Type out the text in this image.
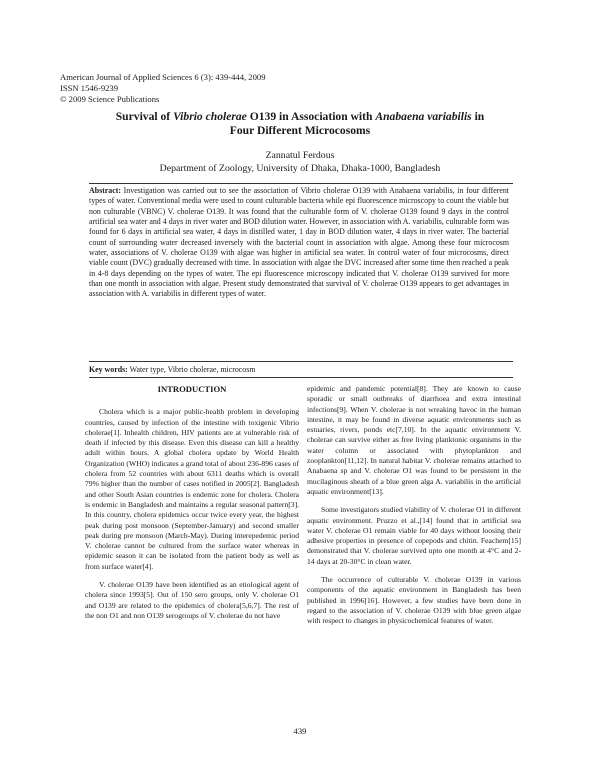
American Journal of Applied Sciences 6 (3): 439-444, 2009
ISSN 1546-9239
© 2009 Science Publications
Survival of Vibrio cholerae O139 in Association with Anabaena variabilis in
Four Different Microcosoms
Zannatul Ferdous
Department of Zoology, University of Dhaka, Dhaka-1000, Bangladesh
Abstract: Investigation was carried out to see the association of Vibrio cholerae O139 with Anabaena variabilis, in four different types of water. Conventional media were used to count culturable bacteria while epi fluorescence microscopy to count the viable but non culturable (VBNC) V. cholerae O139. It was found that the culturable form of V. cholerae O139 found 9 days in the control artificial sea water and 4 days in river water and BOD dilution water. However, in association with A. variabilis, culturable form was found for 6 days in artificial sea water, 4 days in distilled water, 1 day in BOD dilution water, 4 days in river water. The bacterial count of surrounding water decreased inversely with the bacterial count in association with algae. Among these four microcosm water, associations of V. cholerae O139 with algae was higher in artificial sea water. In control water of four microcosms, direct viable count (DVC) gradually decreased with time. In association with algae the DVC increased after some time then reached a peak in 4-8 days depending on the types of water. The epi fluorescence microscopy indicated that V. cholerae O139 survived for more than one month in association with algae. Present study demonstrated that survival of V. cholerae O139 appears to get advantages in association with A. variabilis in different types of water.
Key words: Water type, Vibrio cholerae, microcosm
INTRODUCTION

Cholera which is a major public-health problem in developing countries, caused by infection of the intestine with toxigenic Vibrio cholerae[1]. Inhealth children, HIV patients are at vulnerable risk of death if infected by this disease. Even this disease can kill a healthy adult within hours. A global cholera update by World Health Organization (WHO) indicates a grand total of about 236-896 cases of cholera from 52 countries with about 6311 deaths which is overall 79% higher than the number of cases notified in 2005[2]. Bangladesh and other South Asian countries is endemic zone for cholera. Cholera is endemic in Bangladesh and maintains a regular seasonal pattern[3]. In this country, cholera epidemics occur twice every year, the highest peak during post monsoon (September-January) and second smaller peak during pre monsoon (March-May). During interepedemic period V. cholerae cannot be cultured from the surface water whereas in epidemic season it can be isolated from the patient body as well as from surface water[4].

V. cholerae O139 have been identified as an etiological agent of cholera since 1993[5]. Out of 150 sero groups, only V. cholerae O1 and O139 are related to the epidemics of cholera[5,6,7]. The rest of the non O1 and non O139 serogroups of V. cholerae do not have

epidemic and pandemic potential[8]. They are known to cause sporadic or small outbreaks of diarrhoea and extra intestinal infections[9]. When V. cholerae is not wreaking havoc in the human intestine, it may be found in diverse aquatic environments such as estuaries, rivers, ponds etc[7,10]. In the aquatic environment V. cholerae can survive either as free living planktonic organisms in the water column or associated with phytoplankton and zooplankton[11,12]. In natural habitat V. cholerae remains attached to Anabaena sp and V. cholerae O1 was found to be persistent in the mucilaginous sheath of a blue green alga A. variabilis in the artificial aquatic environment[13].

Some investigators studied viability of V. cholerae O1 in different aquatic environment. Pruzzo et al.,[14] found that in artificial sea water V. cholerae O1 remain viable for 40 days without loosing their adhesive properties in presence of copepods and chitin. Feachem[15] demonstrated that V. cholerae survived upto one month at 4°C and 2-14 days at 20-30°C in clean water.

The occurrence of culturable V. cholerae O139 in various components of the aquatic environment in Bangladesh has been published in 1996[16]. However, a few studies have been done in regard to the association of V. cholerae O139 with blue green algae with respect to changes in physicochemical features of water.

439
